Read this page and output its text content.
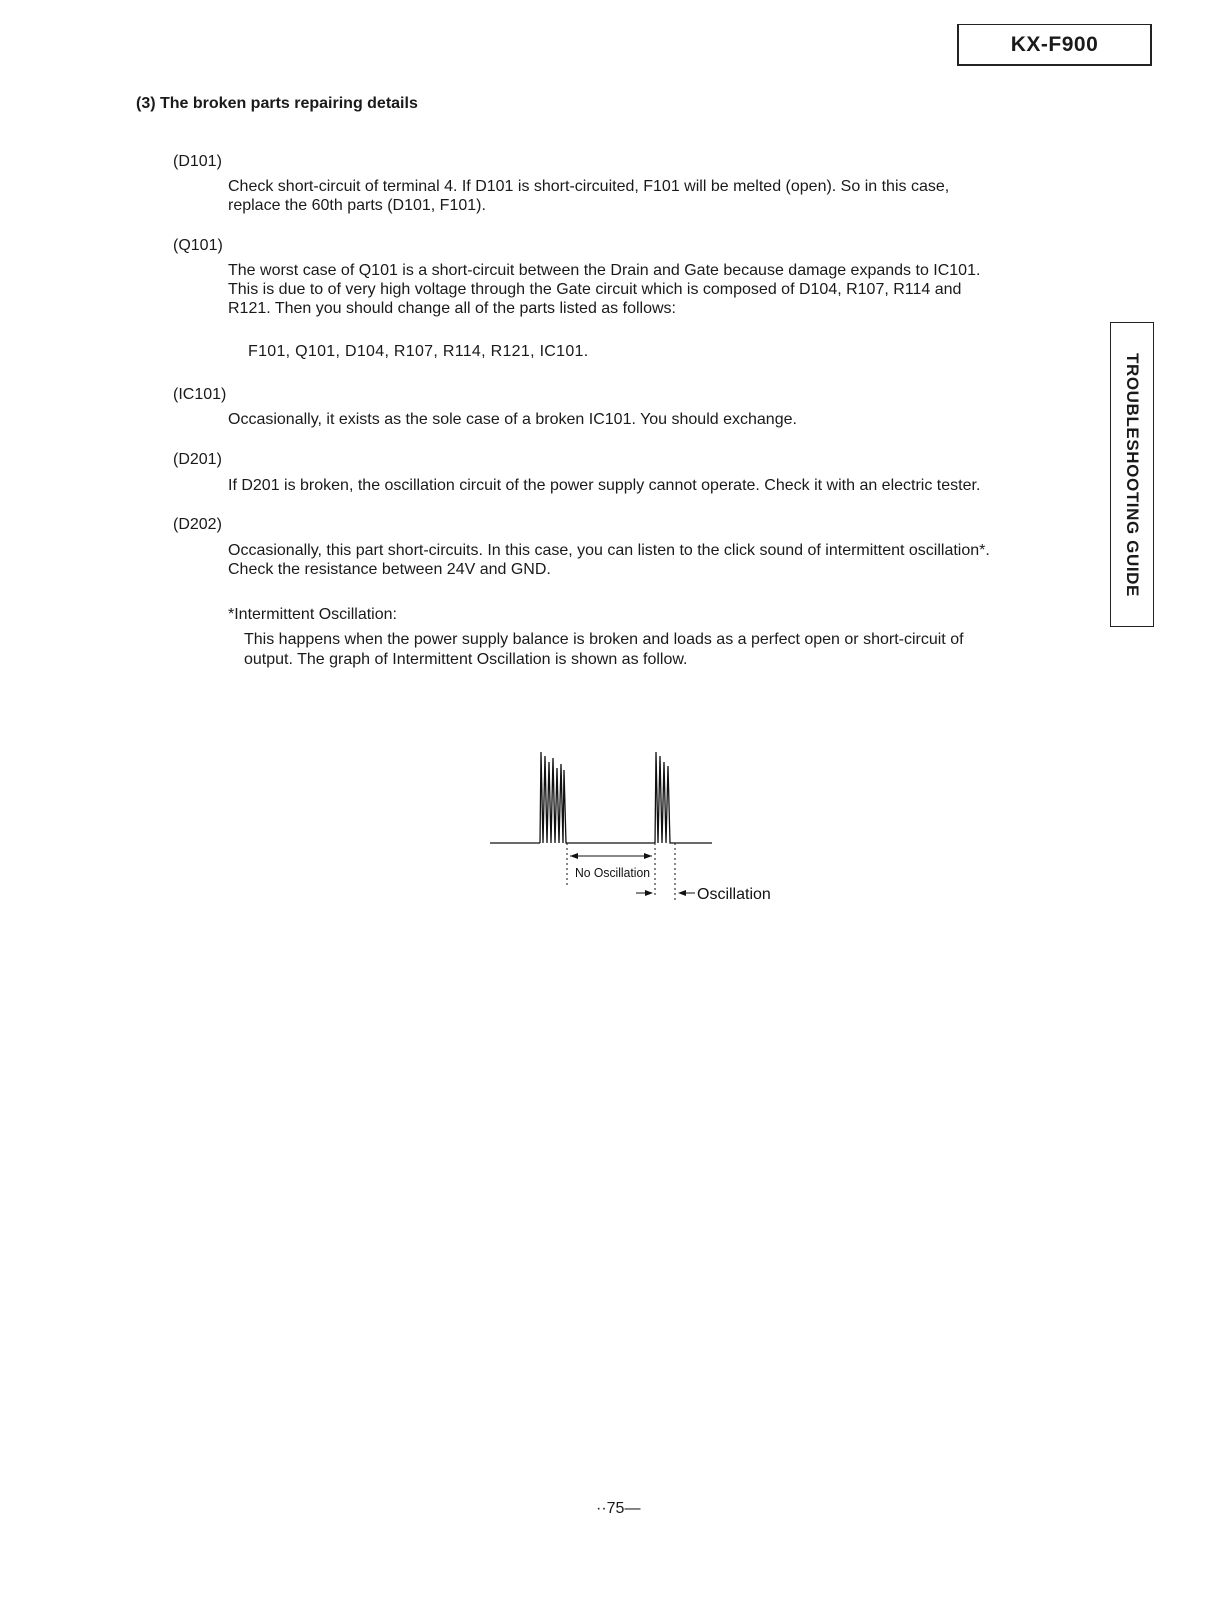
KX-F900
(3) The broken parts repairing details
(D101)

Check short-circuit of terminal 4. If D101 is short-circuited, F101 will be melted (open). So in this case,

replace the 60th parts (D101, F101).

(Q101)

The worst case of Q101 is a short-circuit between the Drain and Gate because damage expands to IC101.

This is due to of very high voltage through the Gate circuit which is composed of D104, R107, R114 and

R121. Then you should change all of the parts listed as follows:

F101, Q101, D104, R107, R114, R121, IC101.
(IC101)

Occasionally, it exists as the sole case of a broken IC101. You should exchange.

(D201)

If D201 is broken, the oscillation circuit of the power supply cannot operate. Check it with an electric tester.

(D202)

Occasionally, this part short-circuits. In this case, you can listen to the click sound of intermittent oscillation*.

Check the resistance between 24V and GND.

*Intermittent Oscillation:

This happens when the power supply balance is broken and loads as a perfect open or short-circuit of

output. The graph of Intermittent Oscillation is shown as follow.

TROUBLESHOOTING GUIDE
No Oscillation
Oscillation
··75—
